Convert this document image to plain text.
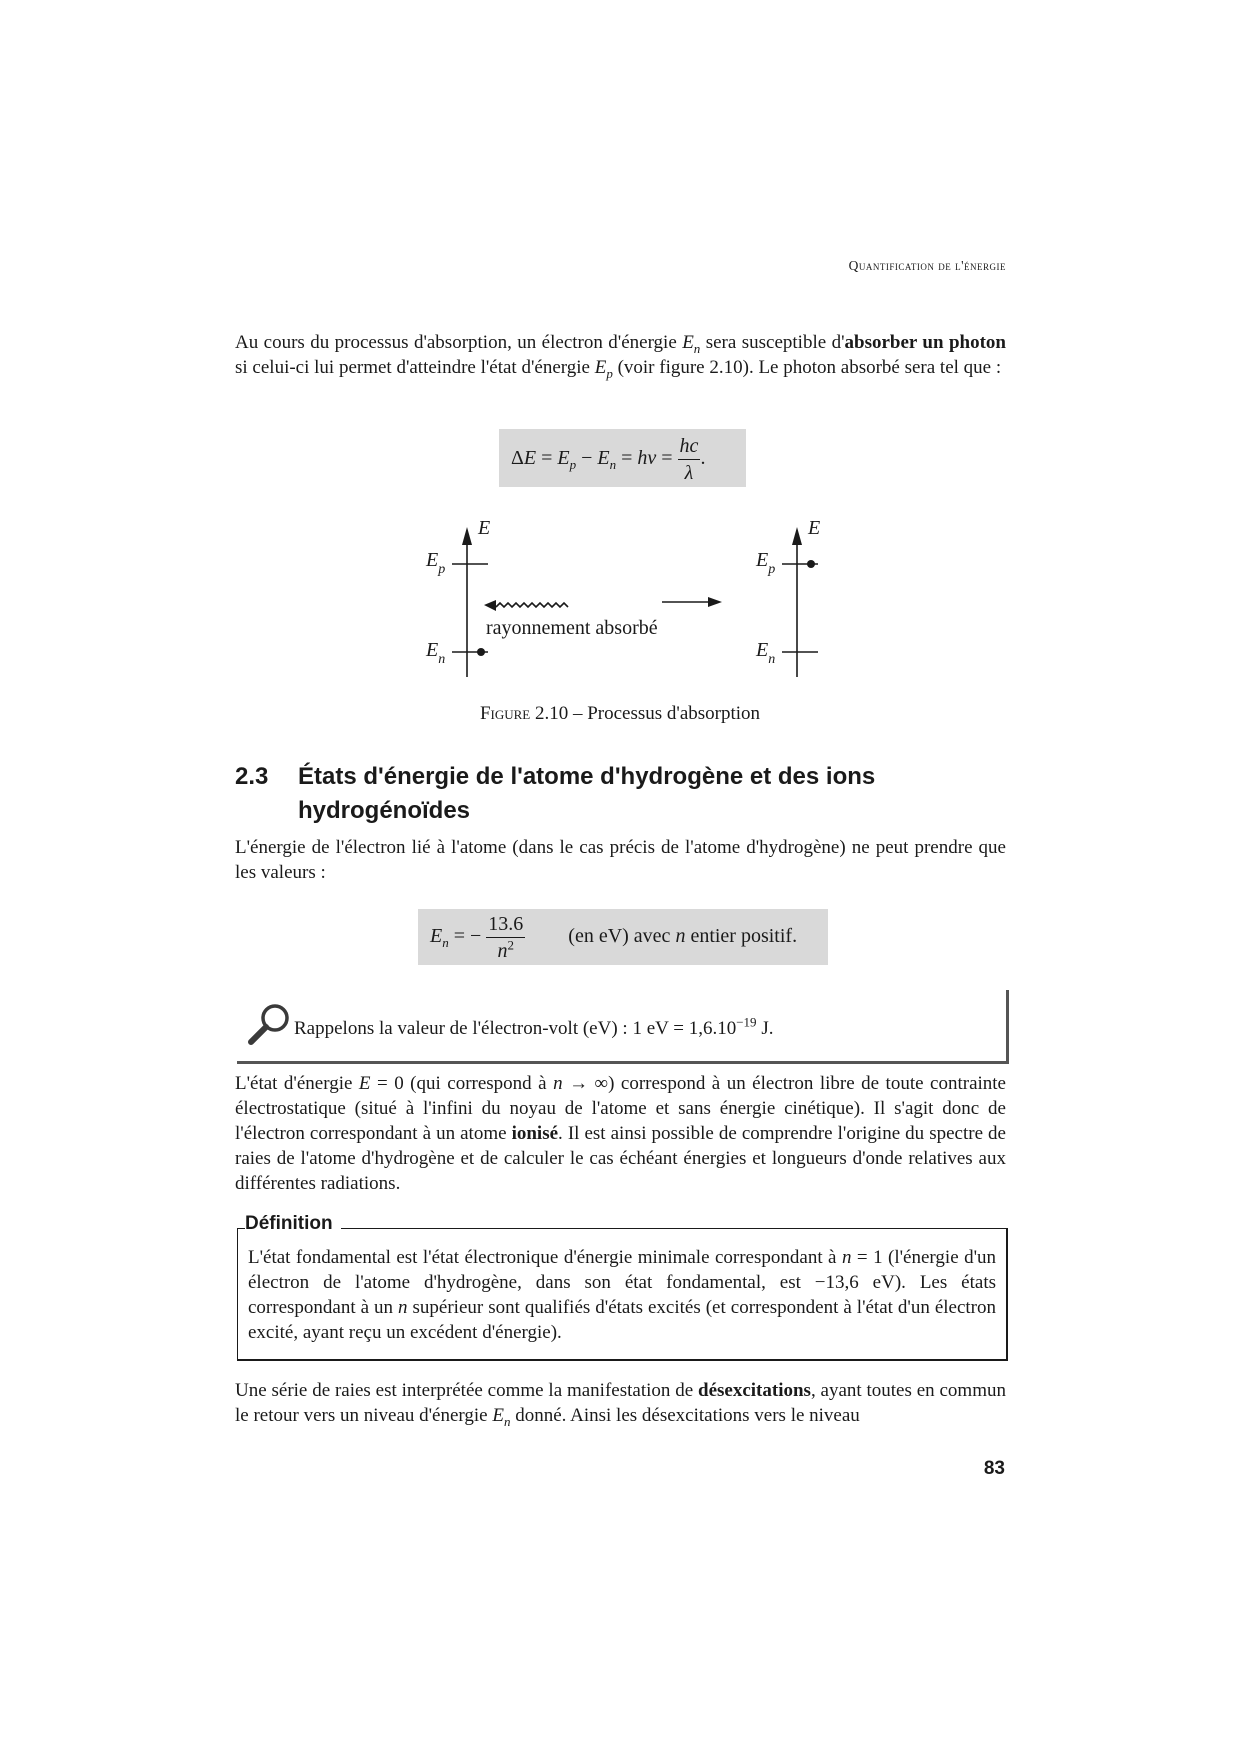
Quantification de l'énergie

Au cours du processus d'absorption, un électron d'énergie $E_n$ sera susceptible d'absorber un photon si celui-ci lui permet d'atteindre l'état d'énergie $E_p$ (voir figure 2.10). Le photon absorbé sera tel que :

$\Delta E = E_p - E_n = h\nu = \frac{hc}{\lambda}$ .
E	E
$E_p$
$E_n$
$E_p$
$E_n$
rayonnement absorbé
Figure 2.10 – Processus d'absorption
2.3 États d'énergie de l'atome d'hydrogène et des ions
hydrogénoïdes

L'énergie de l'électron lié à l'atome (dans le cas précis de l'atome d'hydrogène) ne peut prendre que les valeurs :

$E_n$ = − $\frac{13.6}{n^2} (en$ eV) avec n entier positif.
Rappelons la valeur de l'électron-volt (eV) : 1 eV = $1,6.10^{-19}$ J.

L'état d'énergie E = 0 (qui correspond à n → ∞) correspond à un électron libre de toute contrainte électrostatique (situé à l'infini du noyau de l'atome et sans énergie cinétique). Il s'agit donc de l'électron correspondant à un atome ionisé. Il est ainsi possible de comprendre l'origine du spectre de raies de l'atome d'hydrogène et de calculer le cas échéant énergies et longueurs d'onde relatives aux différentes radiations.

Définition

L'état fondamental est l'état électronique d'énergie minimale correspondant à n = 1 (l'énergie d'un électron de l'atome d'hydrogène, dans son état fondamental, est −13,6 eV). Les états correspondant à un n supérieur sont qualifiés d'états excités (et correspondent à l'état d'un électron excité, ayant reçu un excédent d'énergie).

Une série de raies est interprétée comme la manifestation de désexcitations, ayant toutes en commun le retour vers un niveau d'énergie $E_n$ donné. Ainsi les désexcitations vers le niveau

83
